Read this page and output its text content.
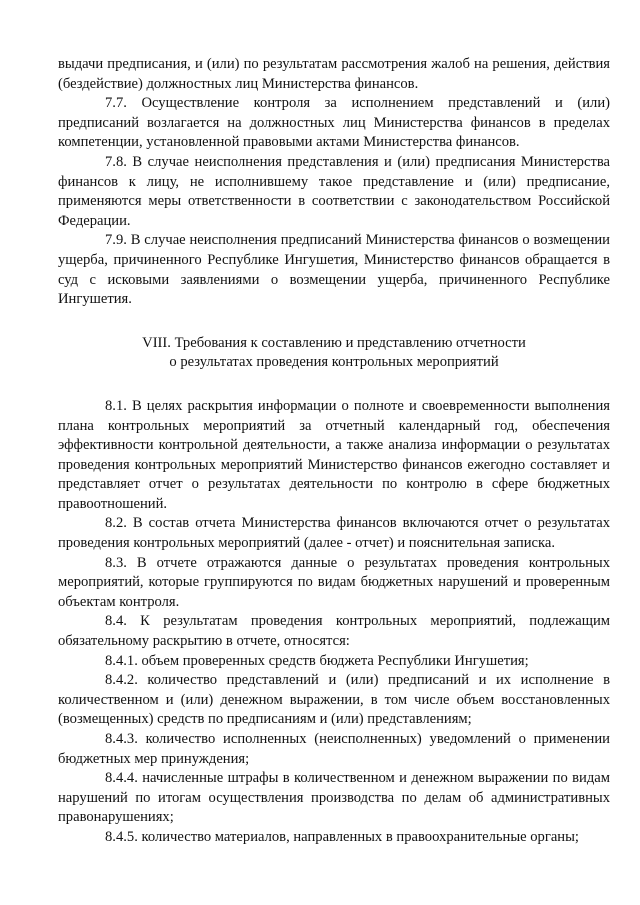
выдачи предписания, и (или) по результатам рассмотрения жалоб на решения, действия (бездействие) должностных лиц Министерства финансов.

7.7. Осуществление контроля за исполнением представлений и (или) предписаний возлагается на должностных лиц Министерства финансов в пределах компетенции, установленной правовыми актами Министерства финансов.

7.8. В случае неисполнения представления и (или) предписания Министерства финансов к лицу, не исполнившему такое представление и (или) предписание, применяются меры ответственности в соответствии с законодательством Российской Федерации.

7.9. В случае неисполнения предписаний Министерства финансов о возмещении ущерба, причиненного Республике Ингушетия, Министерство финансов обращается в суд с исковыми заявлениями о возмещении ущерба, причиненного Республике Ингушетия.

VIII. Требования к составлению и представлению отчетности
о результатах проведения контрольных мероприятий

8.1. В целях раскрытия информации о полноте и своевременности выполнения плана контрольных мероприятий за отчетный календарный год, обеспечения эффективности контрольной деятельности, а также анализа информации о результатах проведения контрольных мероприятий Министерство финансов ежегодно составляет и представляет отчет о результатах деятельности по контролю в сфере бюджетных правоотношений.

8.2. В состав отчета Министерства финансов включаются отчет о результатах проведения контрольных мероприятий (далее - отчет) и пояснительная записка.

8.3. В отчете отражаются данные о результатах проведения контрольных мероприятий, которые группируются по видам бюджетных нарушений и проверенным объектам контроля.

8.4. К результатам проведения контрольных мероприятий, подлежащим обязательному раскрытию в отчете, относятся:

8.4.1. объем проверенных средств бюджета Республики Ингушетия;

8.4.2. количество представлений и (или) предписаний и их исполнение в количественном и (или) денежном выражении, в том числе объем восстановленных (возмещенных) средств по предписаниям и (или) представлениям;

8.4.3. количество исполненных (неисполненных) уведомлений о применении бюджетных мер принуждения;

8.4.4. начисленные штрафы в количественном и денежном выражении по видам нарушений по итогам осуществления производства по делам об административных правонарушениях;

8.4.5. количество материалов, направленных в правоохранительные органы;
